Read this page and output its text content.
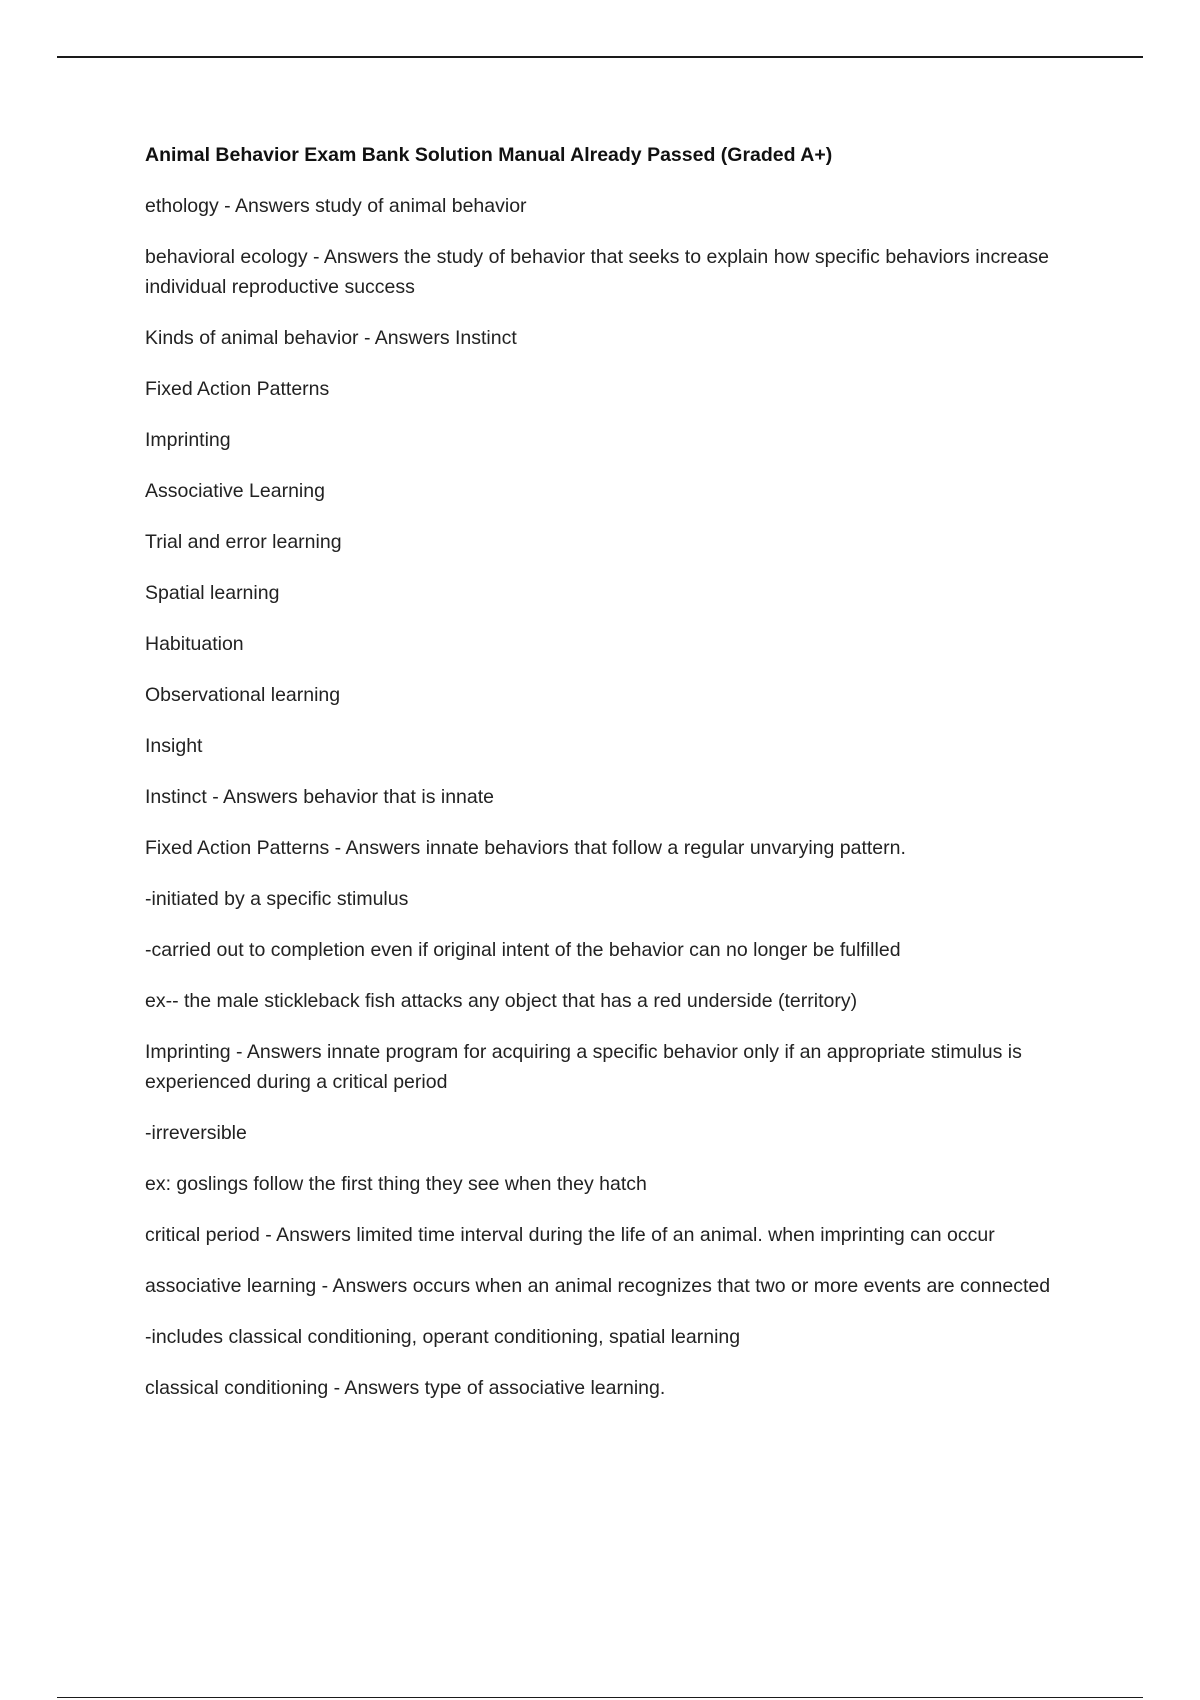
Animal Behavior Exam Bank Solution Manual Already Passed (Graded A+)
ethology - Answers study of animal behavior
behavioral ecology - Answers the study of behavior that seeks to explain how specific behaviors increase individual reproductive success
Kinds of animal behavior - Answers Instinct
Fixed Action Patterns
Imprinting
Associative Learning
Trial and error learning
Spatial learning
Habituation
Observational learning
Insight
Instinct - Answers behavior that is innate
Fixed Action Patterns - Answers innate behaviors that follow a regular unvarying pattern.
-initiated by a specific stimulus
-carried out to completion even if original intent of the behavior can no longer be fulfilled
ex-- the male stickleback fish attacks any object that has a red underside (territory)
Imprinting - Answers innate program for acquiring a specific behavior only if an appropriate stimulus is experienced during a critical period
-irreversible
ex: goslings follow the first thing they see when they hatch
critical period - Answers limited time interval during the life of an animal. when imprinting can occur
associative learning - Answers occurs when an animal recognizes that two or more events are connected
-includes classical conditioning, operant conditioning, spatial learning
classical conditioning - Answers type of associative learning.
